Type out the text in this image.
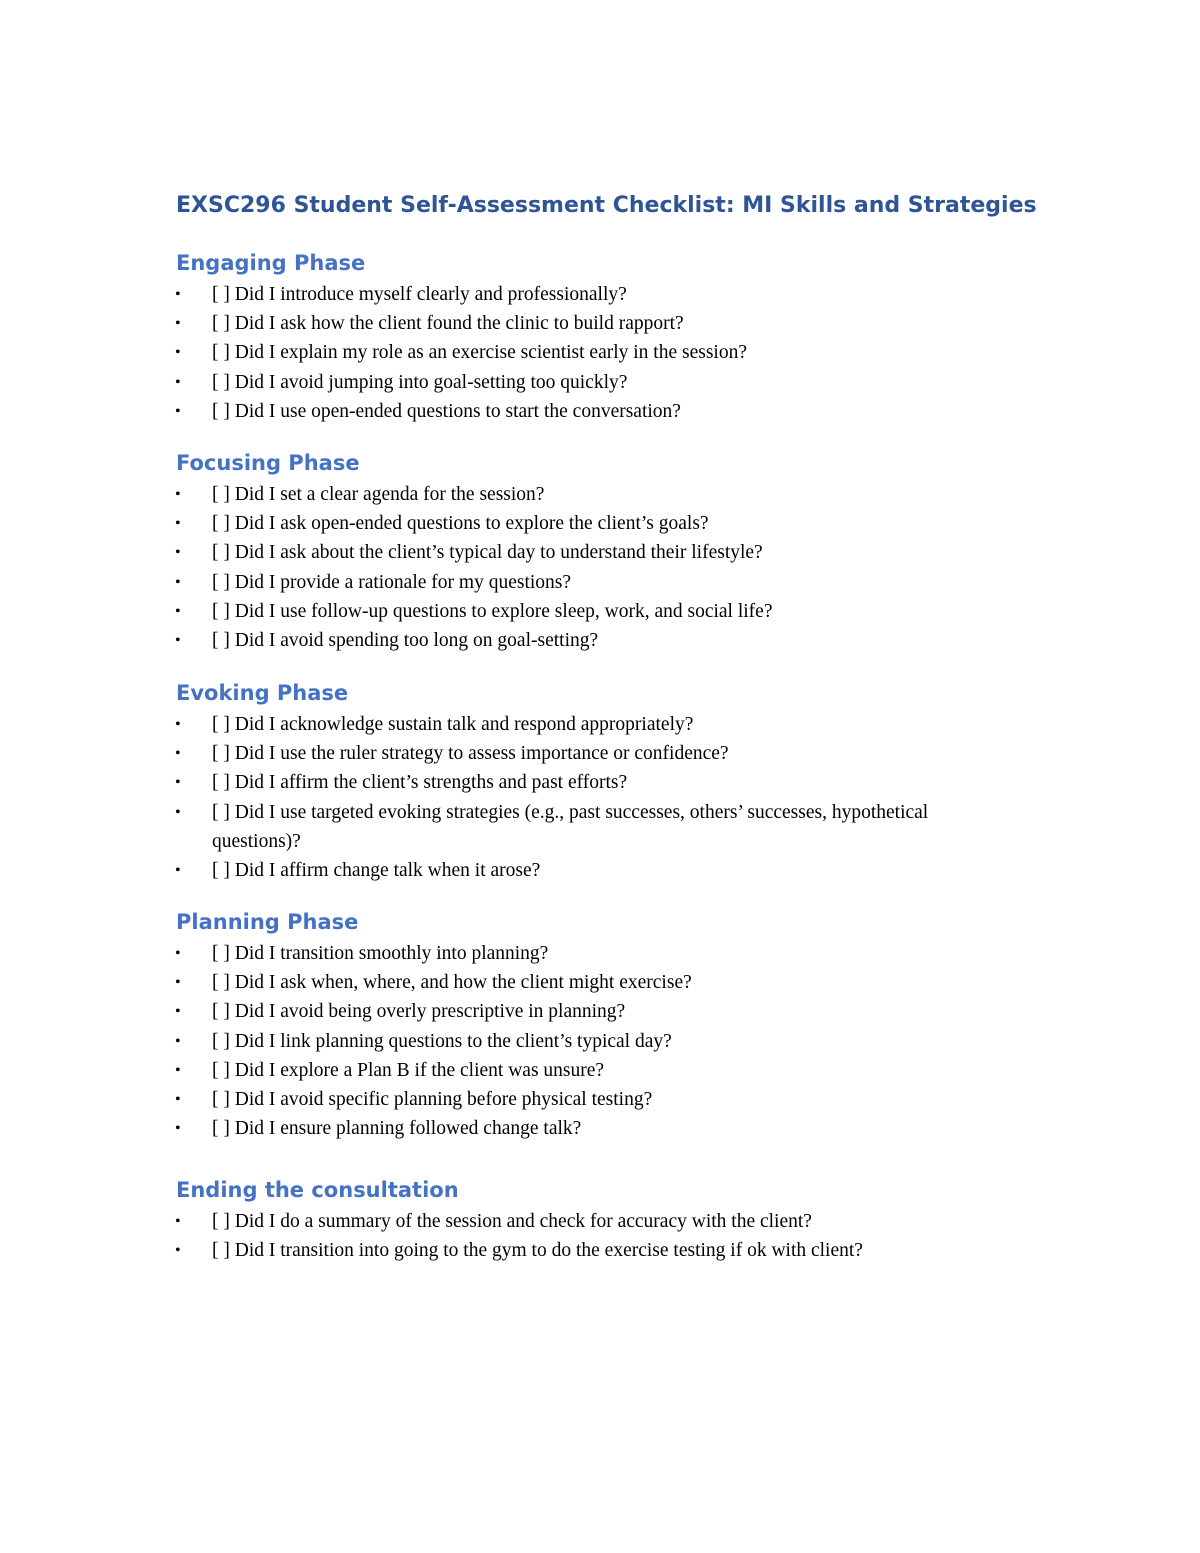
EXSC296 Student Self-Assessment Checklist: MI Skills and Strategies
Engaging Phase
•	[ ] Did I introduce myself clearly and professionally?
•	[ ] Did I ask how the client found the clinic to build rapport?
•	[ ] Did I explain my role as an exercise scientist early in the session?
•	[ ] Did I avoid jumping into goal-setting too quickly?
•	[ ] Did I use open-ended questions to start the conversation?
Focusing Phase
•	[ ] Did I set a clear agenda for the session?
•	[ ] Did I ask open-ended questions to explore the client’s goals?
•	[ ] Did I ask about the client’s typical day to understand their lifestyle?
•	[ ] Did I provide a rationale for my questions?
•	[ ] Did I use follow-up questions to explore sleep, work, and social life?
•	[ ] Did I avoid spending too long on goal-setting?
Evoking Phase
•	[ ] Did I acknowledge sustain talk and respond appropriately?
•	[ ] Did I use the ruler strategy to assess importance or confidence?
•	[ ] Did I affirm the client’s strengths and past efforts?
•	[ ] Did I use targeted evoking strategies (e.g., past successes, others’ successes, hypothetical questions)?
•	[ ] Did I affirm change talk when it arose?
Planning Phase
•	[ ] Did I transition smoothly into planning?
•	[ ] Did I ask when, where, and how the client might exercise?
•	[ ] Did I avoid being overly prescriptive in planning?
•	[ ] Did I link planning questions to the client’s typical day?
•	[ ] Did I explore a Plan B if the client was unsure?
•	[ ] Did I avoid specific planning before physical testing?
•	[ ] Did I ensure planning followed change talk?
Ending the consultation
•	[ ] Did I do a summary of the session and check for accuracy with the client?
•	[ ] Did I transition into going to the gym to do the exercise testing if ok with client?
